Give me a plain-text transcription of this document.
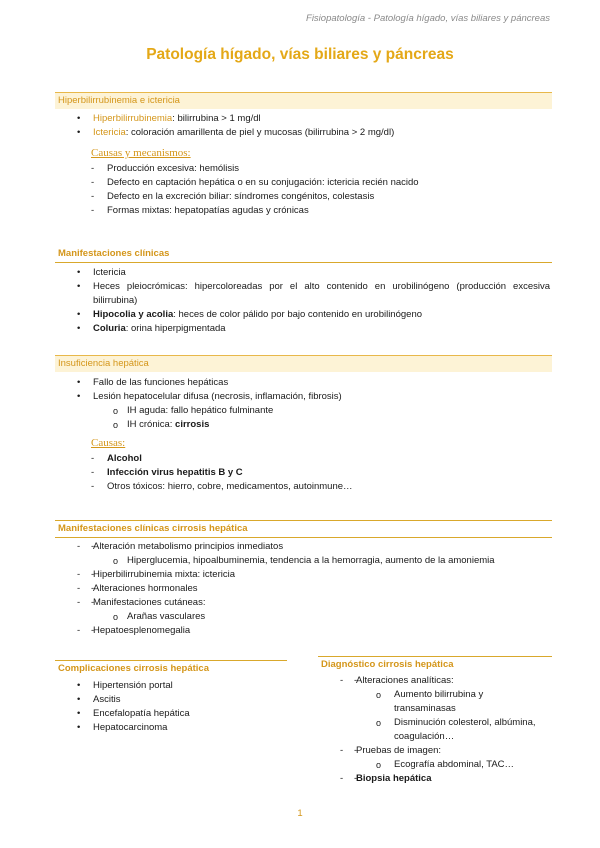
Fisiopatología - Patología hígado, vías biliares y páncreas
Patología hígado, vías biliares y páncreas
Hiperbilirrubinemia e ictericia
• Hiperbilirrubinemia: bilirrubina > 1 mg/dl
• Ictericia: coloración amarillenta de piel y mucosas (bilirrubina > 2 mg/dl)
Causas y mecanismos:
- Producción excesiva: hemólisis
- Defecto en captación hepática o en su conjugación: ictericia recién nacido
- Defecto en la excreción biliar: síndromes congénitos, colestasis
- Formas mixtas: hepatopatías agudas y crónicas
Manifestaciones clínicas
• Ictericia
• Heces pleiocrómicas: hipercoloreadas por el alto contenido en urobilinógeno (producción excesiva bilirrubina)
• Hipocolia y acolia: heces de color pálido por bajo contenido en urobilinógeno
• Coluria: orina hiperpigmentada
Insuficiencia hepática
• Fallo de las funciones hepáticas
• Lesión hepatocelular difusa (necrosis, inflamación, fibrosis)
o IH aguda: fallo hepático fulminante
o IH crónica: cirrosis
Causas:
- Alcohol
- Infección virus hepatitis B y C
- Otros tóxicos: hierro, cobre, medicamentos, autoinmune…
Manifestaciones clínicas cirrosis hepática
- - Alteración metabolismo principios inmediatos
o Hiperglucemia, hipoalbuminemia, tendencia a la hemorragia, aumento de la amoniemia
- - Hiperbilirrubinemia mixta: ictericia
- - Alteraciones hormonales
- - Manifestaciones cutáneas:
o Arañas vasculares
- - Hepatoesplenomegalia
Complicaciones cirrosis hepática
• Hipertensión portal
• Ascitis
• Encefalopatía hepática
• Hepatocarcinoma
Diagnóstico cirrosis hepática
- - Alteraciones analíticas:
o Aumento bilirrubina y transaminasas
o Disminución colesterol, albúmina, coagulación…
- - Pruebas de imagen:
o Ecografía abdominal, TAC…
- - Biopsia hepática
1
